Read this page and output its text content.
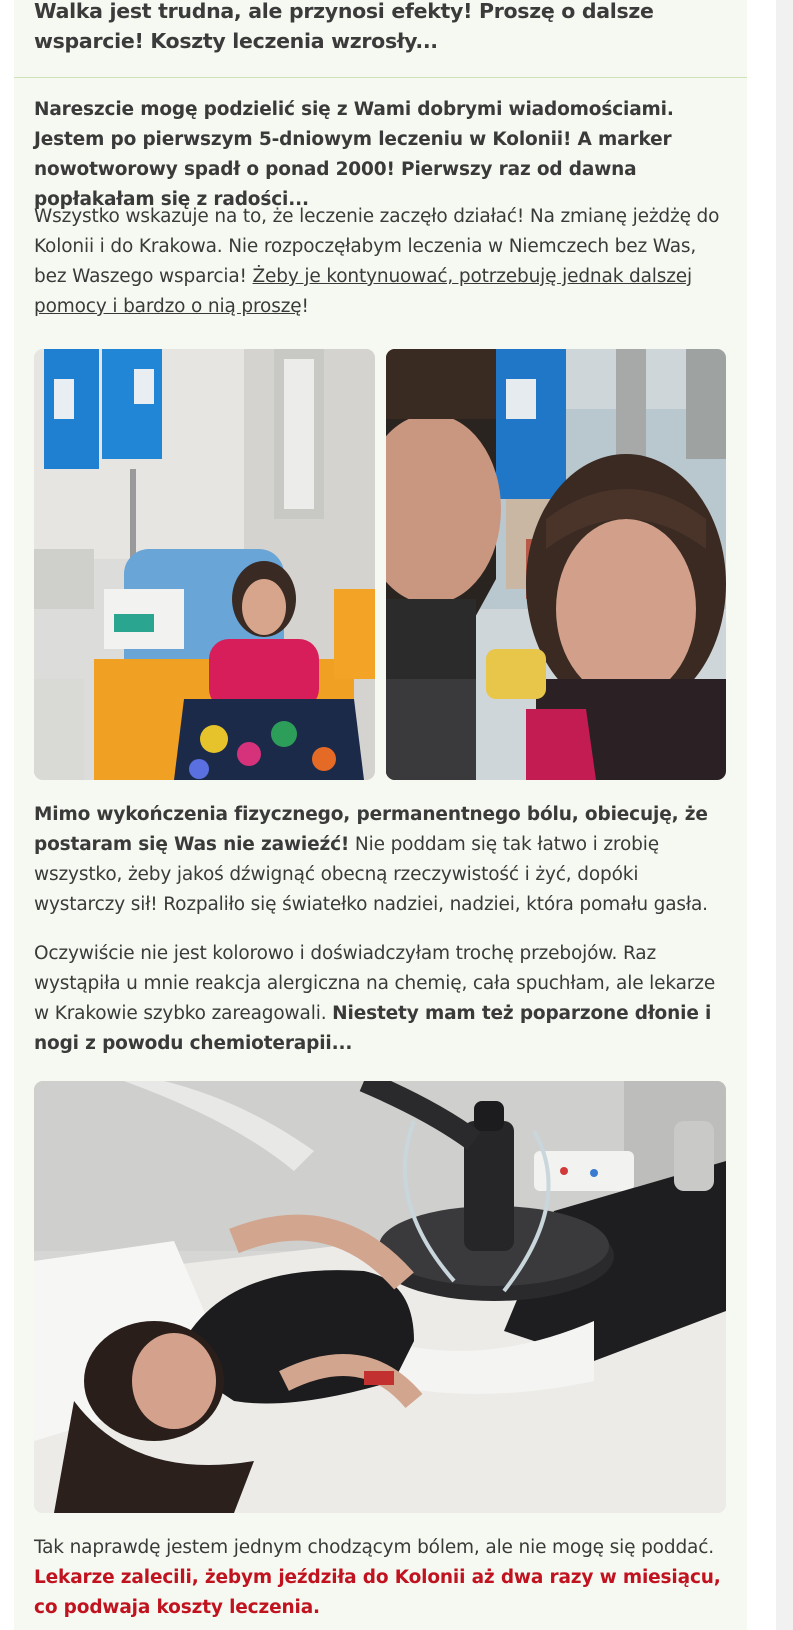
Walka jest trudna, ale przynosi efekty! Proszę o dalsze wsparcie! Koszty leczenia wzrosły...
Nareszcie mogę podzielić się z Wami dobrymi wiadomościami. Jestem po pierwszym 5-dniowym leczeniu w Kolonii! A marker nowotworowy spadł o ponad 2000! Pierwszy raz od dawna popłakałam się z radości...
Wszystko wskazuje na to, że leczenie zaczęło działać! Na zmianę jeżdżę do Kolonii i do Krakowa. Nie rozpoczęłabym leczenia w Niemczech bez Was, bez Waszego wsparcia! Żeby je kontynuować, potrzebuję jednak dalszej pomocy i bardzo o nią proszę!
Mimo wykończenia fizycznego, permanentnego bólu, obiecuję, że postaram się Was nie zawieźć! Nie poddam się tak łatwo i zrobię wszystko, żeby jakoś dźwignąć obecną rzeczywistość i żyć, dopóki wystarczy sił! Rozpaliło się światełko nadziei, nadziei, która pomału gasła.
Oczywiście nie jest kolorowo i doświadczyłam trochę przebojów. Raz wystąpiła u mnie reakcja alergiczna na chemię, cała spuchłam, ale lekarze w Krakowie szybko zareagowali. Niestety mam też poparzone dłonie i nogi z powodu chemioterapii...
Tak naprawdę jestem jednym chodzącym bólem, ale nie mogę się poddać. Lekarze zalecili, żebym jeździła do Kolonii aż dwa razy w miesiącu, co podwaja koszty leczenia.
